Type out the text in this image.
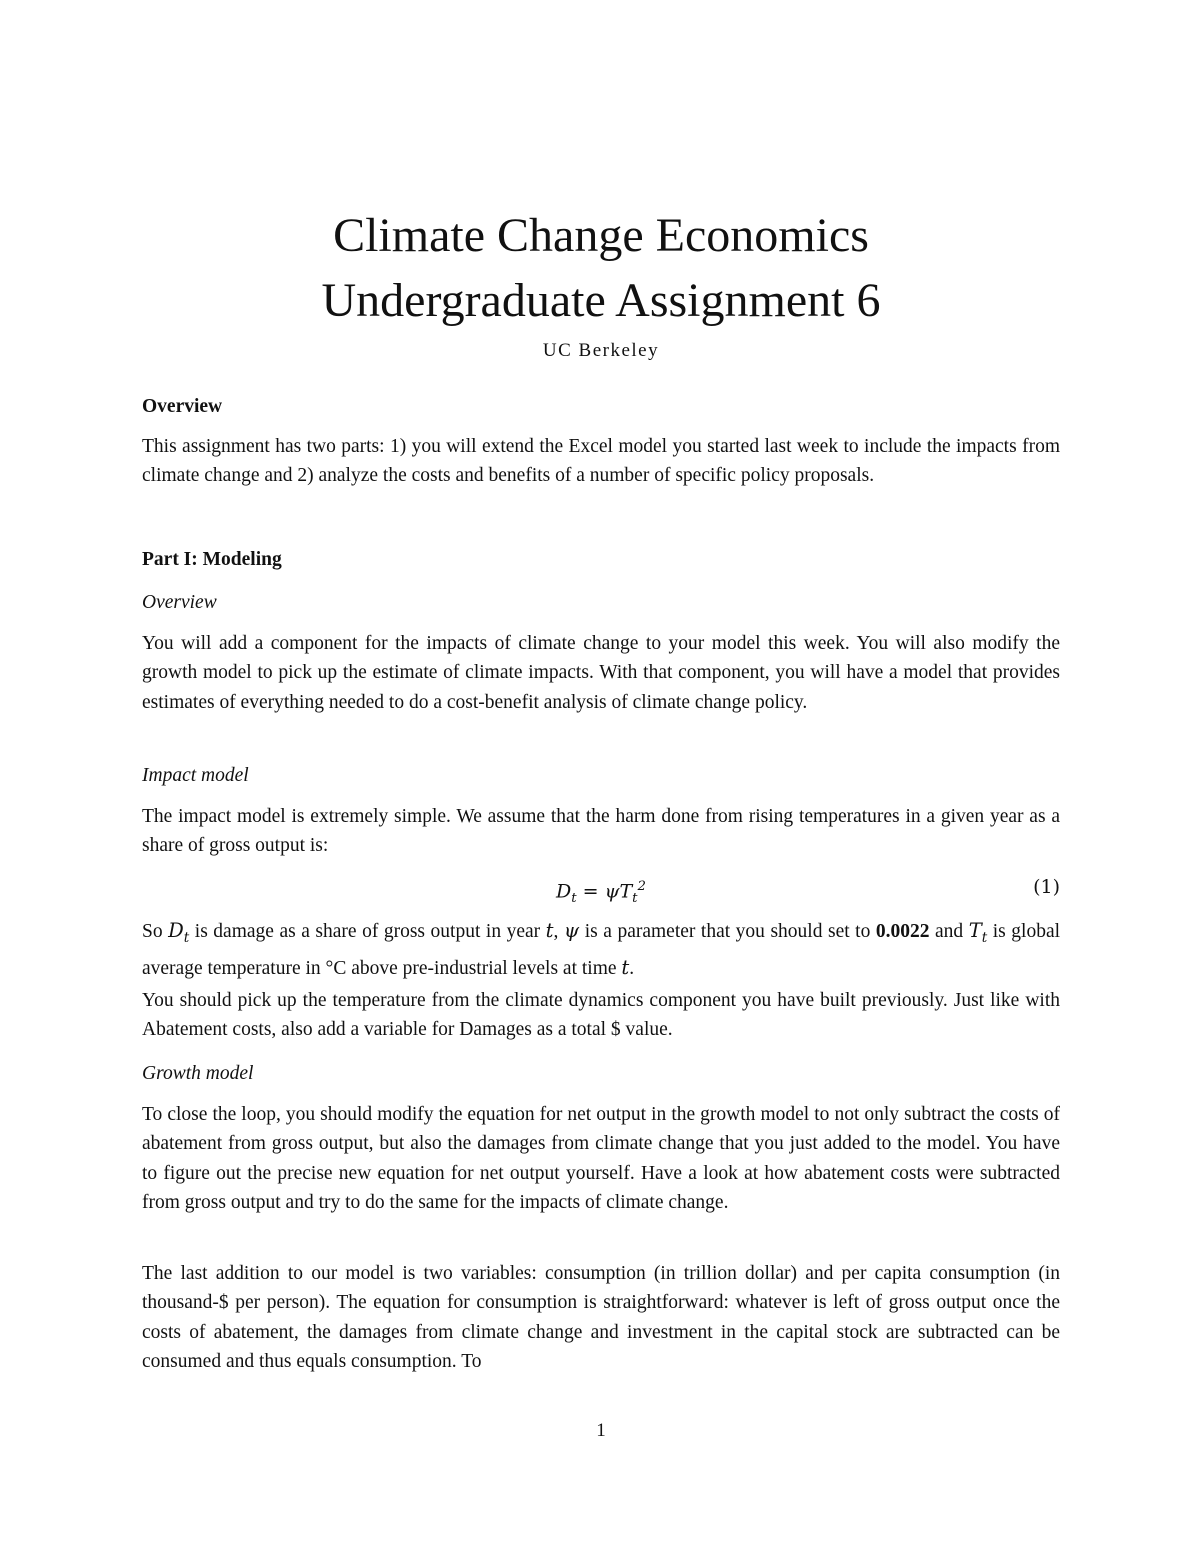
Climate Change Economics
Undergraduate Assignment 6

UC Berkeley

Overview

This assignment has two parts: 1) you will extend the Excel model you started last week to include the impacts from climate change and 2) analyze the costs and benefits of a number of specific policy proposals.

Part I: Modeling

Overview

You will add a component for the impacts of climate change to your model this week. You will also modify the growth model to pick up the estimate of climate impacts. With that component, you will have a model that provides estimates of everything needed to do a cost-benefit analysis of climate change policy.

Impact model

The impact model is extremely simple. We assume that the harm done from rising temperatures in a given year as a share of gross output is:

$D_t = \psi T_t^2$	(1)

So $D_t$ is damage as a share of gross output in year t, ψ is a parameter that you should set to 0.0022 and $T_t$ is global average temperature in °C above pre-industrial levels at time t.

You should pick up the temperature from the climate dynamics component you have built previously. Just like with Abatement costs, also add a variable for Damages as a total $ value.

Growth model

To close the loop, you should modify the equation for net output in the growth model to not only subtract the costs of abatement from gross output, but also the damages from climate change that you just added to the model. You have to figure out the precise new equation for net output yourself. Have a look at how abatement costs were subtracted from gross output and try to do the same for the impacts of climate change.

The last addition to our model is two variables: consumption (in trillion dollar) and per capita consumption (in thousand-$ per person). The equation for consumption is straightforward: whatever is left of gross output once the costs of abatement, the damages from climate change and investment in the capital stock are subtracted can be consumed and thus equals consumption. To

1
